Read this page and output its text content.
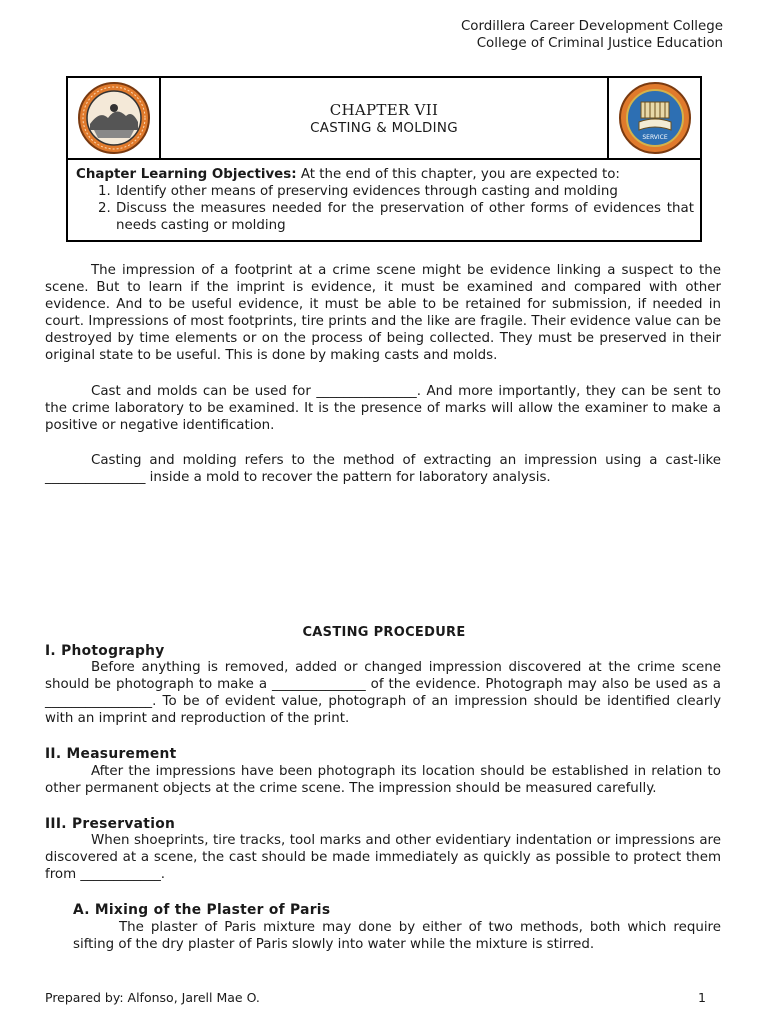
Cordillera Career Development College
College of Criminal Justice Education
CHAPTER VII
CASTING & MOLDING
SERVICE
Chapter Learning Objectives: At the end of this chapter, you are expected to:
1. Identify other means of preserving evidences through casting and molding
2. Discuss the measures needed for the preservation of other forms of evidences that needs casting or molding
The impression of a footprint at a crime scene might be evidence linking a suspect to the scene. But to learn if the imprint is evidence, it must be examined and compared with other evidence. And to be useful evidence, it must be able to be retained for submission, if needed in court. Impressions of most footprints, tire prints and the like are fragile. Their evidence value can be destroyed by time elements or on the process of being collected. They must be preserved in their original state to be useful. This is done by making casts and molds.
Cast and molds can be used for _______________. And more importantly, they can be sent to the crime laboratory to be examined. It is the presence of marks will allow the examiner to make a positive or negative identification.
Casting and molding refers to the method of extracting an impression using a cast-like _______________ inside a mold to recover the pattern for laboratory analysis.
CASTING PROCEDURE
I. Photography
Before anything is removed, added or changed impression discovered at the crime scene should be photograph to make a ______________ of the evidence. Photograph may also be used as a ________________. To be of evident value, photograph of an impression should be identified clearly with an imprint and reproduction of the print.
II. Measurement
After the impressions have been photograph its location should be established in relation to other permanent objects at the crime scene. The impression should be measured carefully.
III. Preservation
When shoeprints, tire tracks, tool marks and other evidentiary indentation or impressions are discovered at a scene, the cast should be made immediately as quickly as possible to protect them from ____________.
A. Mixing of the Plaster of Paris
The plaster of Paris mixture may done by either of two methods, both which require sifting of the dry plaster of Paris slowly into water while the mixture is stirred.
Prepared by: Alfonso, Jarell Mae O.	1
